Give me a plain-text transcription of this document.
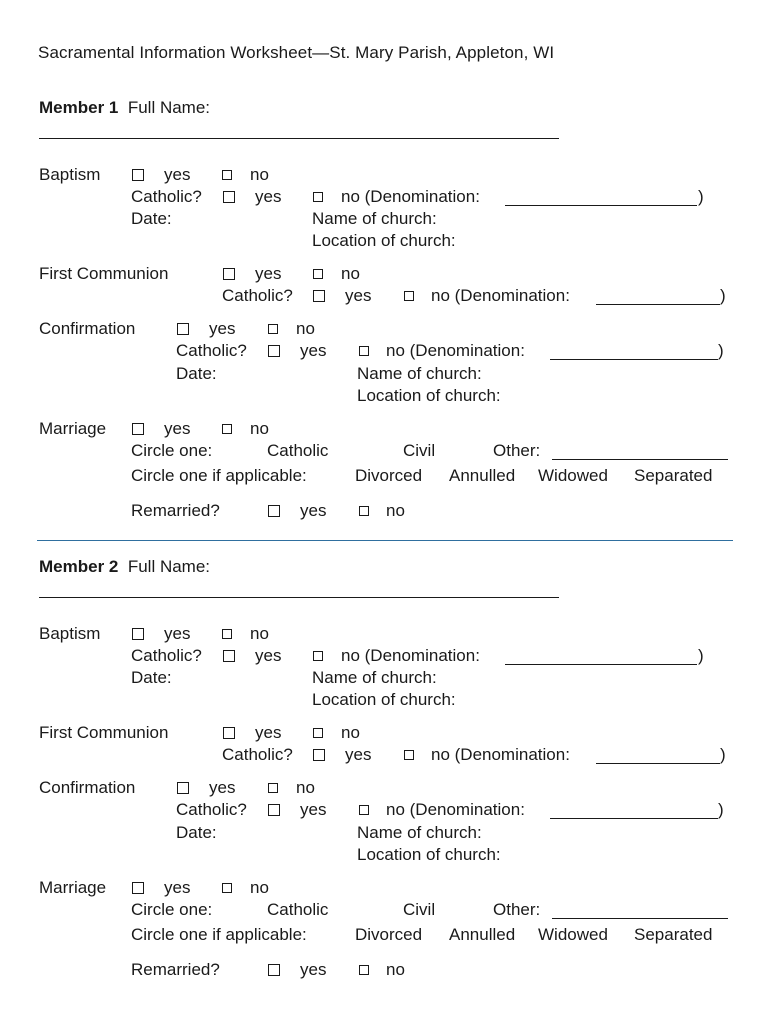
Sacramental Information Worksheet—St. Mary Parish, Appleton, WI
Member 1 Full Name:
Baptism	yes	no
Catholic?	yes	no (Denomination:	)
Date:	Name of church:
Location of church:
First Communion	yes	no
Catholic?	yes	no (Denomination:	)
Confirmation	yes	no
Catholic?	yes	no (Denomination:	)
Date:	Name of church:
Location of church:
Marriage	yes	no
Circle one:	Catholic	Civil	Other:
Circle one if applicable:	Divorced Annulled Widowed Separated
Remarried?	yes	no
Member 2 Full Name:
Baptism	yes	no
Catholic?	yes	no (Denomination:	)
Date:	Name of church:
Location of church:
First Communion	yes	no
Catholic?	yes	no (Denomination:	)
Confirmation	yes	no
Catholic?	yes	no (Denomination:	)
Date:	Name of church:
Location of church:
Marriage	yes	no
Circle one:	Catholic	Civil	Other:
Circle one if applicable:	Divorced Annulled Widowed Separated
Remarried?	yes	no
